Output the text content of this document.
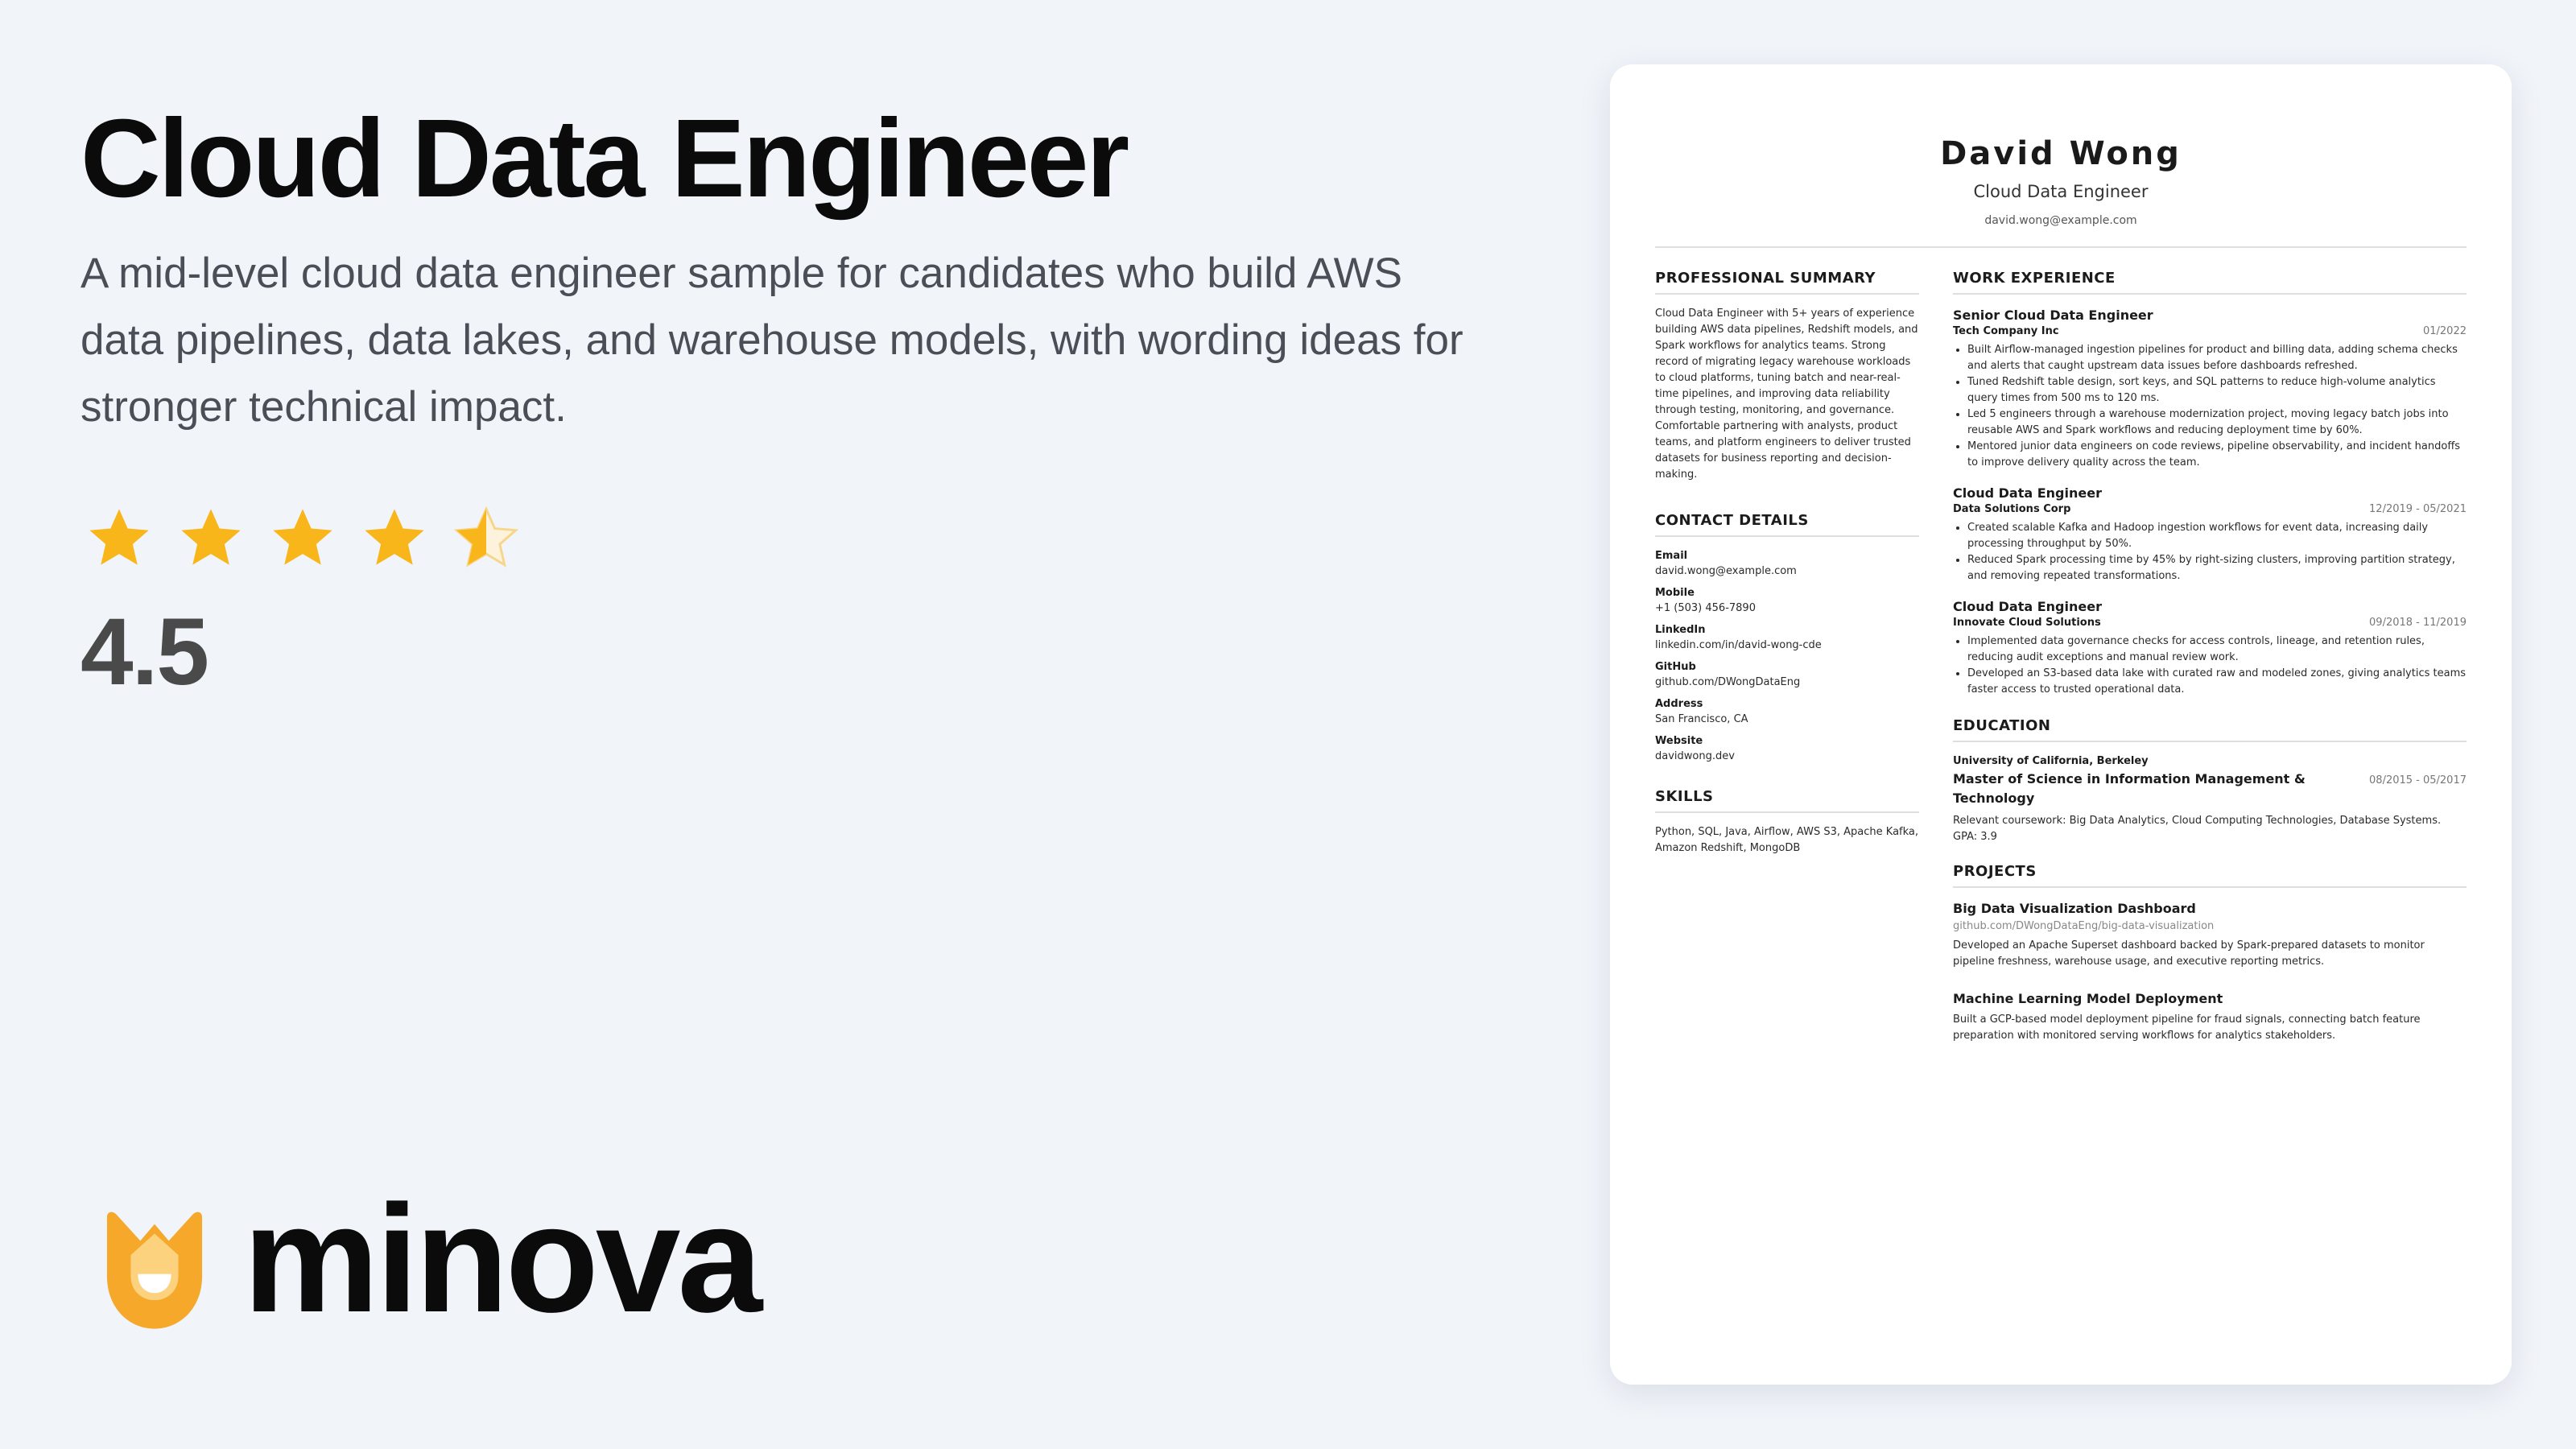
Cloud Data Engineer

A mid-level cloud data engineer sample for candidates who build AWS data pipelines, data lakes, and warehouse models, with wording ideas for stronger technical impact.

4.5
minova
David Wong
Cloud Data Engineer
david.wong@example.com
PROFESSIONAL SUMMARY
Cloud Data Engineer with 5+ years of experience building AWS data pipelines, Redshift models, and Spark workflows for analytics teams. Strong record of migrating legacy warehouse workloads to cloud platforms, tuning batch and near-real-time pipelines, and improving data reliability through testing, monitoring, and governance. Comfortable partnering with analysts, product teams, and platform engineers to deliver trusted datasets for business reporting and decision-making.
CONTACT DETAILS
Email
david.wong@example.com
Mobile
+1 (503) 456-7890
LinkedIn
linkedin.com/in/david-wong-cde
GitHub
github.com/DWongDataEng
Address
San Francisco, CA
Website
davidwong.dev
SKILLS
Python, SQL, Java, Airflow, AWS S3, Apache Kafka, Amazon Redshift, MongoDB
WORK EXPERIENCE
Senior Cloud Data Engineer
Tech Company Inc	01/2022
• Built Airflow-managed ingestion pipelines for product and billing data, adding schema checks and alerts that caught upstream data issues before dashboards refreshed.
• Tuned Redshift table design, sort keys, and SQL patterns to reduce high-volume analytics query times from 500 ms to 120 ms.
• Led 5 engineers through a warehouse modernization project, moving legacy batch jobs into reusable AWS and Spark workflows and reducing deployment time by 60%.
• Mentored junior data engineers on code reviews, pipeline observability, and incident handoffs to improve delivery quality across the team.
Cloud Data Engineer
Data Solutions Corp	12/2019 - 05/2021
• Created scalable Kafka and Hadoop ingestion workflows for event data, increasing daily processing throughput by 50%.
• Reduced Spark processing time by 45% by right-sizing clusters, improving partition strategy, and removing repeated transformations.
Cloud Data Engineer
Innovate Cloud Solutions	09/2018 - 11/2019
• Implemented data governance checks for access controls, lineage, and retention rules, reducing audit exceptions and manual review work.
• Developed an S3-based data lake with curated raw and modeled zones, giving analytics teams faster access to trusted operational data.
EDUCATION
University of California, Berkeley
Master of Science in Information Management & Technology
08/2015 - 05/2017
Relevant coursework: Big Data Analytics, Cloud Computing Technologies, Database Systems. GPA: 3.9
PROJECTS
Big Data Visualization Dashboard
github.com/DWongDataEng/big-data-visualization
Developed an Apache Superset dashboard backed by Spark-prepared datasets to monitor pipeline freshness, warehouse usage, and executive reporting metrics.
Machine Learning Model Deployment
Built a GCP-based model deployment pipeline for fraud signals, connecting batch feature preparation with monitored serving workflows for analytics stakeholders.
